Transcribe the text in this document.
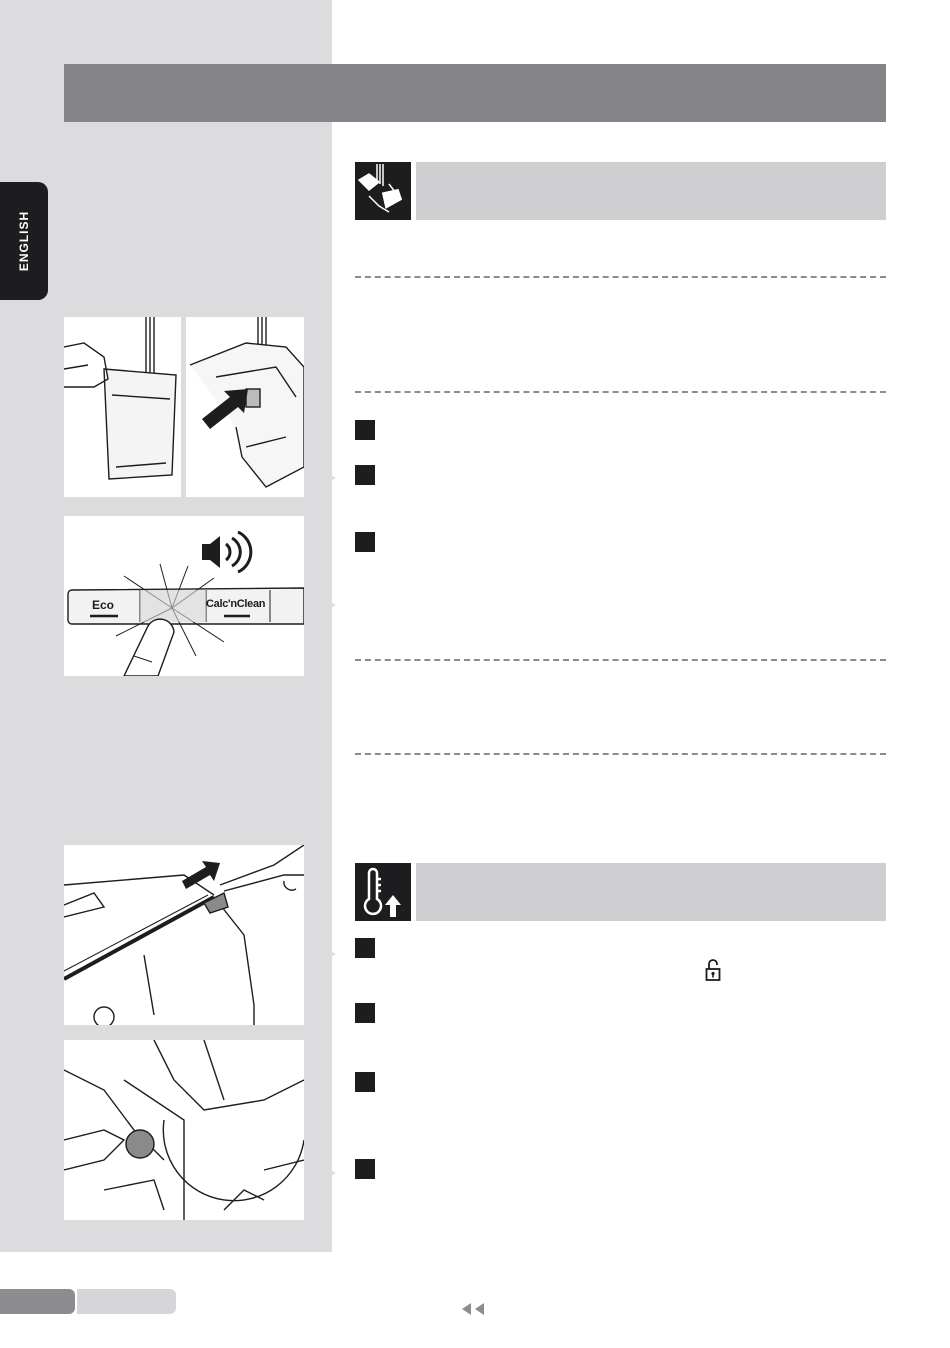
ENGLISH
Eco	Calc'nClean
